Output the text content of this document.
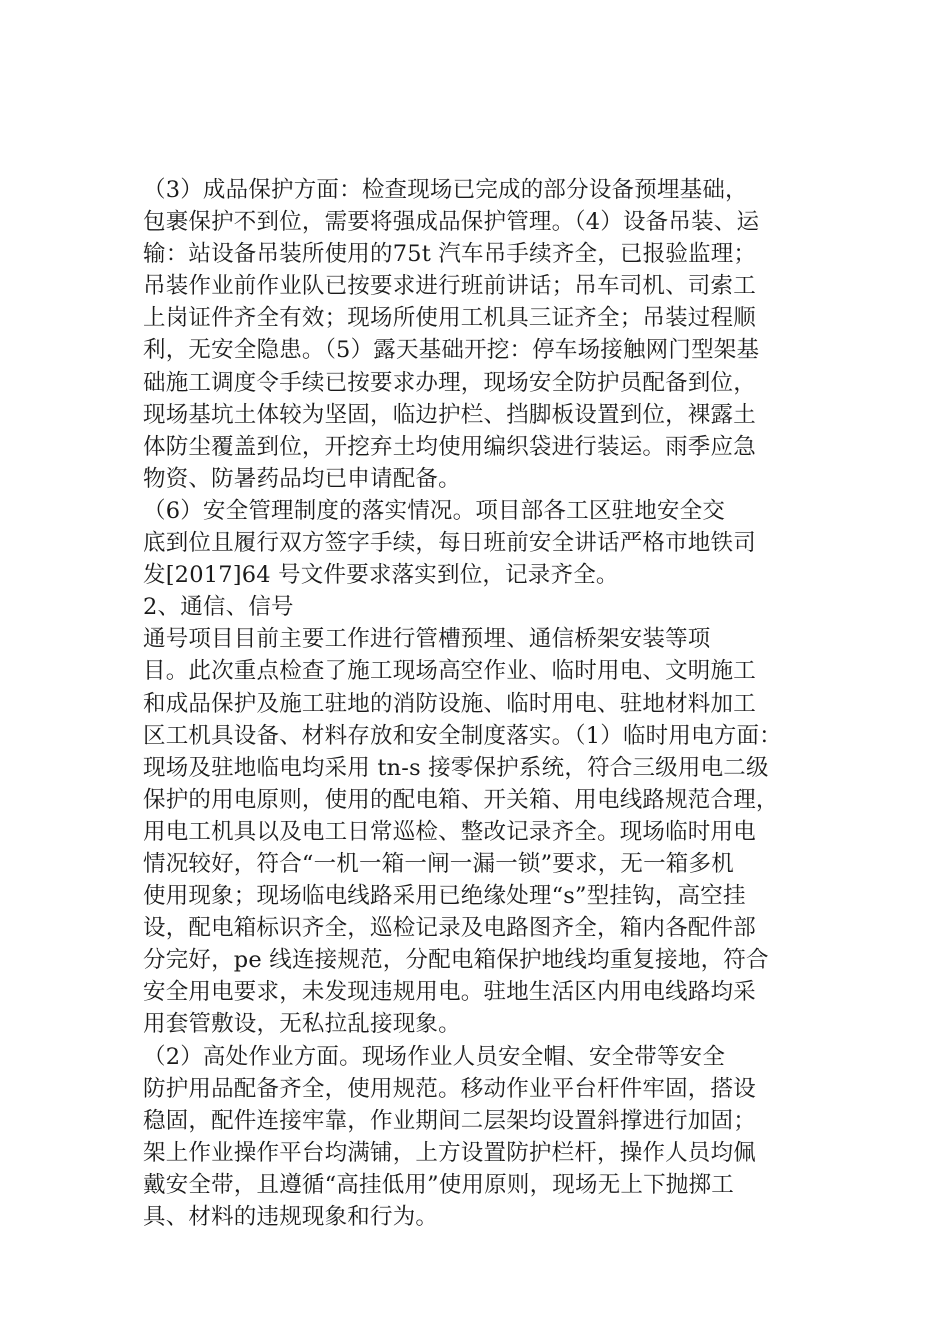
（3）成品保护方面：检查现场已完成的部分设备预埋基础，
包裹保护不到位，需要将强成品保护管理。（4）设备吊装、运
输：站设备吊装所使用的75t 汽车吊手续齐全，已报验监理；
吊装作业前作业队已按要求进行班前讲话；吊车司机、司索工
上岗证件齐全有效；现场所使用工机具三证齐全；吊装过程顺
利，无安全隐患。（5）露天基础开挖：停车场接触网门型架基
础施工调度令手续已按要求办理，现场安全防护员配备到位，
现场基坑土体较为坚固，临边护栏、挡脚板设置到位，裸露土
体防尘覆盖到位，开挖弃土均使用编织袋进行装运。雨季应急
物资、防暑药品均已申请配备。
（6）安全管理制度的落实情况。项目部各工区驻地安全交
底到位且履行双方签字手续，每日班前安全讲话严格市地铁司
发[2017]64 号文件要求落实到位，记录齐全。
2、通信、信号
通号项目目前主要工作进行管槽预埋、通信桥架安装等项
目。此次重点检查了施工现场高空作业、临时用电、文明施工
和成品保护及施工驻地的消防设施、临时用电、驻地材料加工
区工机具设备、材料存放和安全制度落实。（1）临时用电方面：
现场及驻地临电均采用 tn-s 接零保护系统，符合三级用电二级
保护的用电原则，使用的配电箱、开关箱、用电线路规范合理，
用电工机具以及电工日常巡检、整改记录齐全。现场临时用电
情况较好，符合“一机一箱一闸一漏一锁”要求，无一箱多机
使用现象；现场临电线路采用已绝缘处理“s”型挂钩，高空挂
设，配电箱标识齐全，巡检记录及电路图齐全，箱内各配件部
分完好，pe 线连接规范，分配电箱保护地线均重复接地，符合
安全用电要求，未发现违规用电。驻地生活区内用电线路均采
用套管敷设，无私拉乱接现象。
（2）高处作业方面。现场作业人员安全帽、安全带等安全
防护用品配备齐全，使用规范。移动作业平台杆件牢固，搭设
稳固，配件连接牢靠，作业期间二层架均设置斜撑进行加固；
架上作业操作平台均满铺，上方设置防护栏杆，操作人员均佩
戴安全带，且遵循“高挂低用”使用原则，现场无上下抛掷工
具、材料的违规现象和行为。
